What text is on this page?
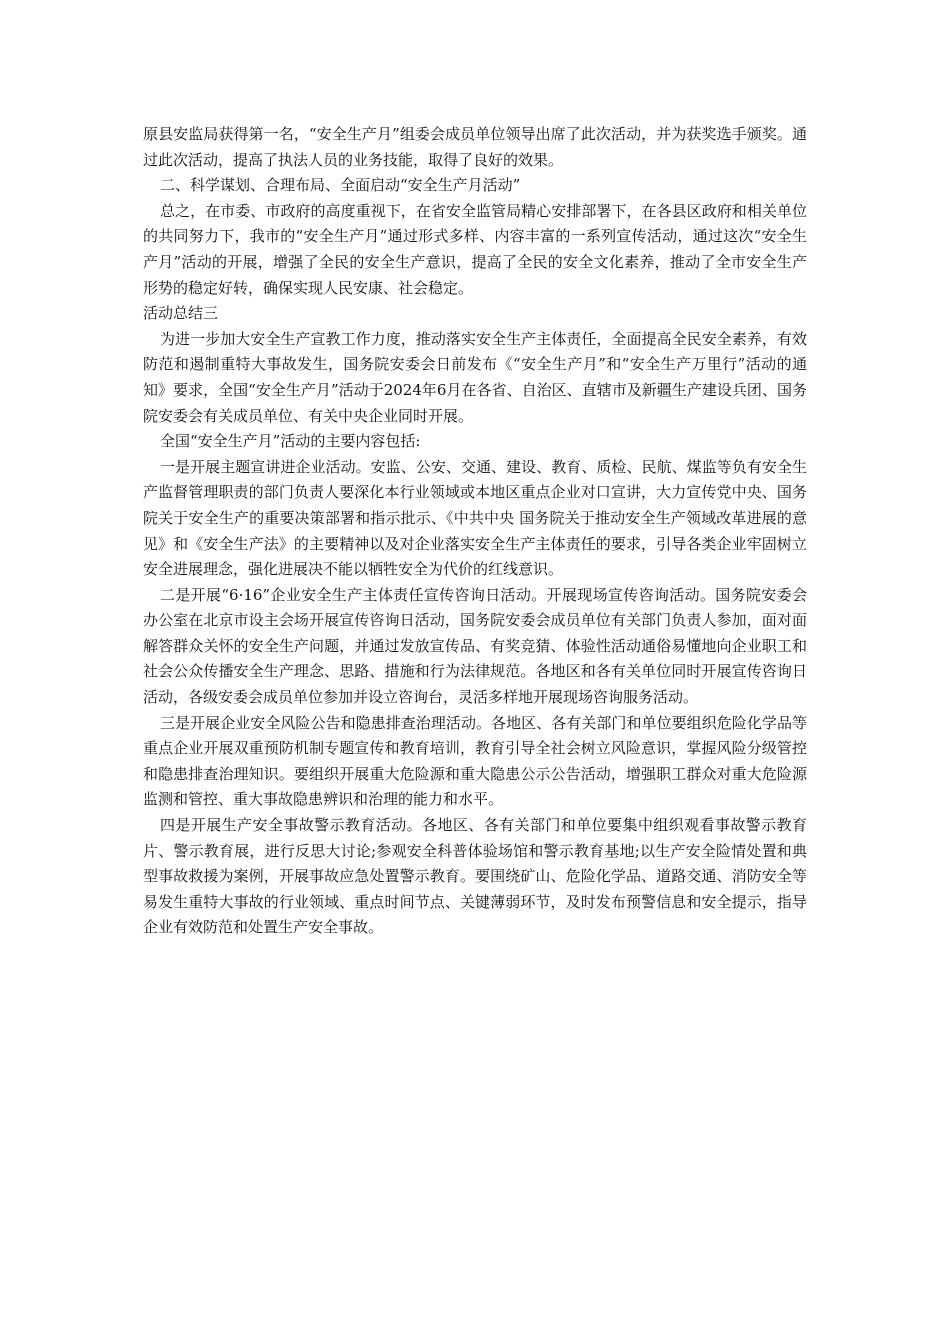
原县安监局获得第一名，“安全生产月”组委会成员单位领导出席了此次活动，并为获奖选手颁奖。通过此次活动，提高了执法人员的业务技能，取得了良好的效果。

二、科学谋划、合理布局、全面启动“安全生产月活动”

总之，在市委、市政府的高度重视下，在省安全监管局精心安排部署下，在各县区政府和相关单位的共同努力下，我市的“安全生产月”通过形式多样、内容丰富的一系列宣传活动，通过这次“安全生产月”活动的开展，增强了全民的安全生产意识，提高了全民的安全文化素养，推动了全市安全生产形势的稳定好转，确保实现人民安康、社会稳定。

活动总结三

为进一步加大安全生产宣教工作力度，推动落实安全生产主体责任，全面提高全民安全素养，有效防范和遏制重特大事故发生，国务院安委会日前发布《“安全生产月”和“安全生产万里行”活动的通知》要求，全国“安全生产月”活动于2024年6月在各省、自治区、直辖市及新疆生产建设兵团、国务院安委会有关成员单位、有关中央企业同时开展。

全国“安全生产月”活动的主要内容包括:

一是开展主题宣讲进企业活动。安监、公安、交通、建设、教育、质检、民航、煤监等负有安全生产监督管理职责的部门负责人要深化本行业领域或本地区重点企业对口宣讲，大力宣传党中央、国务院关于安全生产的重要决策部署和指示批示、《中共中央 国务院关于推动安全生产领域改革进展的意见》和《安全生产法》的主要精神以及对企业落实安全生产主体责任的要求，引导各类企业牢固树立安全进展理念，强化进展决不能以牺牲安全为代价的红线意识。

二是开展“6·16”企业安全生产主体责任宣传咨询日活动。开展现场宣传咨询活动。国务院安委会办公室在北京市设主会场开展宣传咨询日活动，国务院安委会成员单位有关部门负责人参加，面对面解答群众关怀的安全生产问题，并通过发放宣传品、有奖竞猜、体验性活动通俗易懂地向企业职工和社会公众传播安全生产理念、思路、措施和行为法律规范。各地区和各有关单位同时开展宣传咨询日活动，各级安委会成员单位参加并设立咨询台，灵活多样地开展现场咨询服务活动。

三是开展企业安全风险公告和隐患排查治理活动。各地区、各有关部门和单位要组织危险化学品等重点企业开展双重预防机制专题宣传和教育培训，教育引导全社会树立风险意识，掌握风险分级管控和隐患排查治理知识。要组织开展重大危险源和重大隐患公示公告活动，增强职工群众对重大危险源监测和管控、重大事故隐患辨识和治理的能力和水平。

四是开展生产安全事故警示教育活动。各地区、各有关部门和单位要集中组织观看事故警示教育片、警示教育展，进行反思大讨论;参观安全科普体验场馆和警示教育基地;以生产安全险情处置和典型事故救援为案例，开展事故应急处置警示教育。要围绕矿山、危险化学品、道路交通、消防安全等易发生重特大事故的行业领域、重点时间节点、关键薄弱环节，及时发布预警信息和安全提示，指导企业有效防范和处置生产安全事故。
